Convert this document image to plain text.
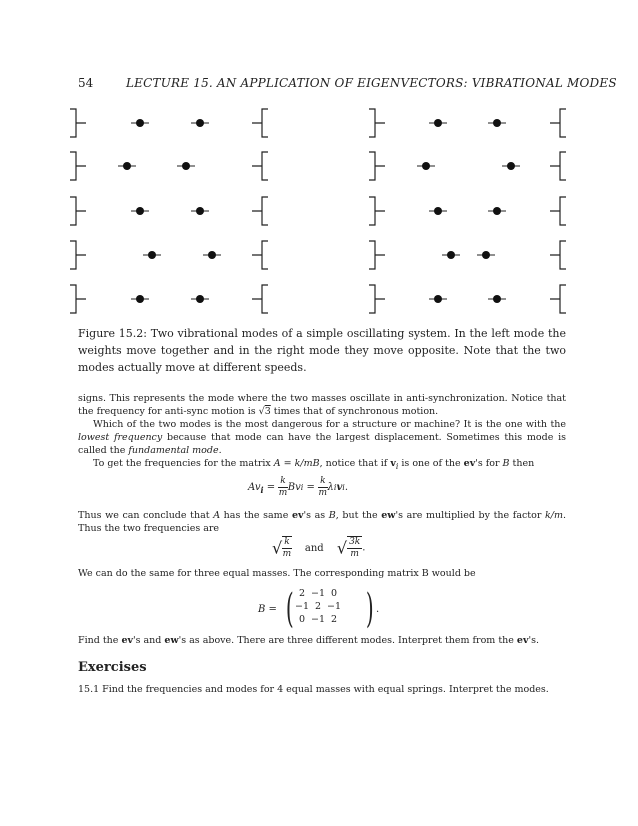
54	LECTURE 15. AN APPLICATION OF EIGENVECTORS: VIBRATIONAL MODES
Figure 15.2: Two vibrational modes of a simple oscillating system. In the left mode the weights move together and in the right mode they move opposite. Note that the two modes actually move at different speeds.
signs. This represents the mode where the two masses oscillate in anti-synchronization. Notice that the frequency for anti-sync motion is √3 times that of synchronous motion.
Which of the two modes is the most dangerous for a structure or machine? It is the one with the lowest frequency because that mode can have the largest displacement. Sometimes this mode is called the fundamental mode.
To get the frequencies for the matrix A = k/mB, notice that if $v_i$ is one of the ev's for B then
$Av_i = \frac{k}{m}$ Bvi = $\frac{k}{m} \lambda ivi$.
Thus we can conclude that A has the same ev's as B, but the ew's are multiplied by the factor k/m. Thus the two frequencies are
√ $\frac{k}{m}$ and √ $\frac{3k}{m}$ .
We can do the same for three equal masses. The corresponding matrix B would be
B = ( 2	−1	0
−1	2	−1
0	−1	2 ) .
Find the ev's and ew's as above. There are three different modes. Interpret them from the ev's.
Exercises
15.1 Find the frequencies and modes for 4 equal masses with equal springs. Interpret the modes.
